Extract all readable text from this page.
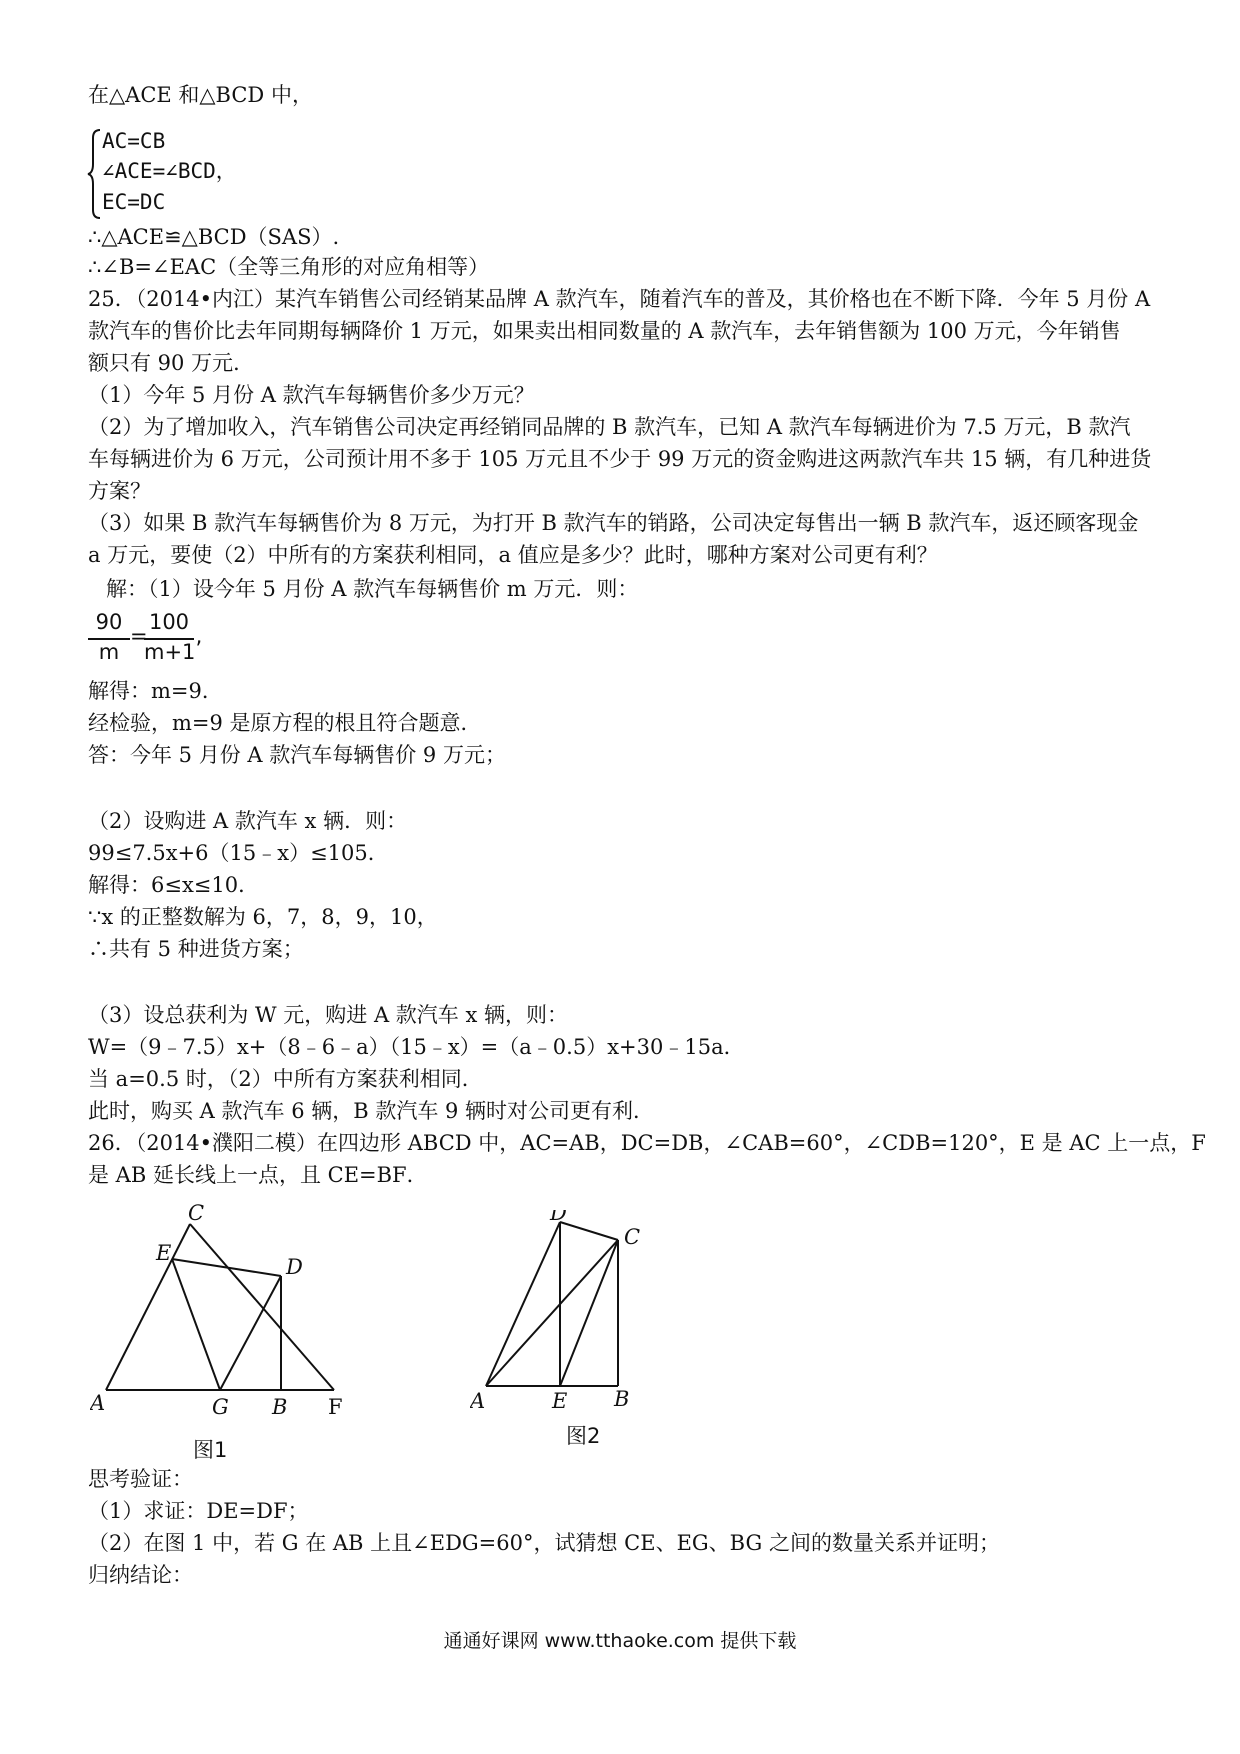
在△ACE 和△BCD 中，
AC=CB
∠ACE=∠BCD，
EC=DC
∴△ACE≌△BCD（SAS）.
∴∠B=∠EAC（全等三角形的对应角相等）
25．（2014•内江）某汽车销售公司经销某品牌 A 款汽车，随着汽车的普及，其价格也在不断下降．今年 5 月份 A
款汽车的售价比去年同期每辆降价 1 万元，如果卖出相同数量的 A 款汽车，去年销售额为 100 万元，今年销售
额只有 90 万元．
（1）今年 5 月份 A 款汽车每辆售价多少万元？
（2）为了增加收入，汽车销售公司决定再经销同品牌的 B 款汽车，已知 A 款汽车每辆进价为 7.5 万元，B 款汽
车每辆进价为 6 万元，公司预计用不多于 105 万元且不少于 99 万元的资金购进这两款汽车共 15 辆，有几种进货
方案？
（3）如果 B 款汽车每辆售价为 8 万元，为打开 B 款汽车的销路，公司决定每售出一辆 B 款汽车，返还顾客现金
a 万元，要使（2）中所有的方案获利相同，a 值应是多少？此时，哪种方案对公司更有利？
解：（1）设今年 5 月份 A 款汽车每辆售价 m 万元．则：
90
m
=
100
m+1
,
解得：m=9．
经检验，m=9 是原方程的根且符合题意．
答：今年 5 月份 A 款汽车每辆售价 9 万元；
（2）设购进 A 款汽车 x 辆．则：
99≤7.5x+6（15﹣x）≤105．
解得：6≤x≤10．
∵x 的正整数解为 6，7，8，9，10，
∴共有 5 种进货方案；
（3）设总获利为 W 元，购进 A 款汽车 x 辆，则：
W=（9﹣7.5）x+（8﹣6﹣a）（15﹣x）=（a﹣0.5）x+30﹣15a．
当 a=0.5 时，（2）中所有方案获利相同．
此时，购买 A 款汽车 6 辆，B 款汽车 9 辆时对公司更有利．
26．（2014•濮阳二模）在四边形 ABCD 中，AC=AB，DC=DB，∠CAB=60°，∠CDB=120°，E 是 AC 上一点，F
是 AB 延长线上一点，且 CE=BF．
C
E
D
A	G B F
图1
D
C
A	E B
图2
思考验证：
（1）求证：DE=DF；
（2）在图 1 中，若 G 在 AB 上且∠EDG=60°，试猜想 CE、EG、BG 之间的数量关系并证明；
归纳结论：
通通好课网 www.tthaoke.com 提供下载
